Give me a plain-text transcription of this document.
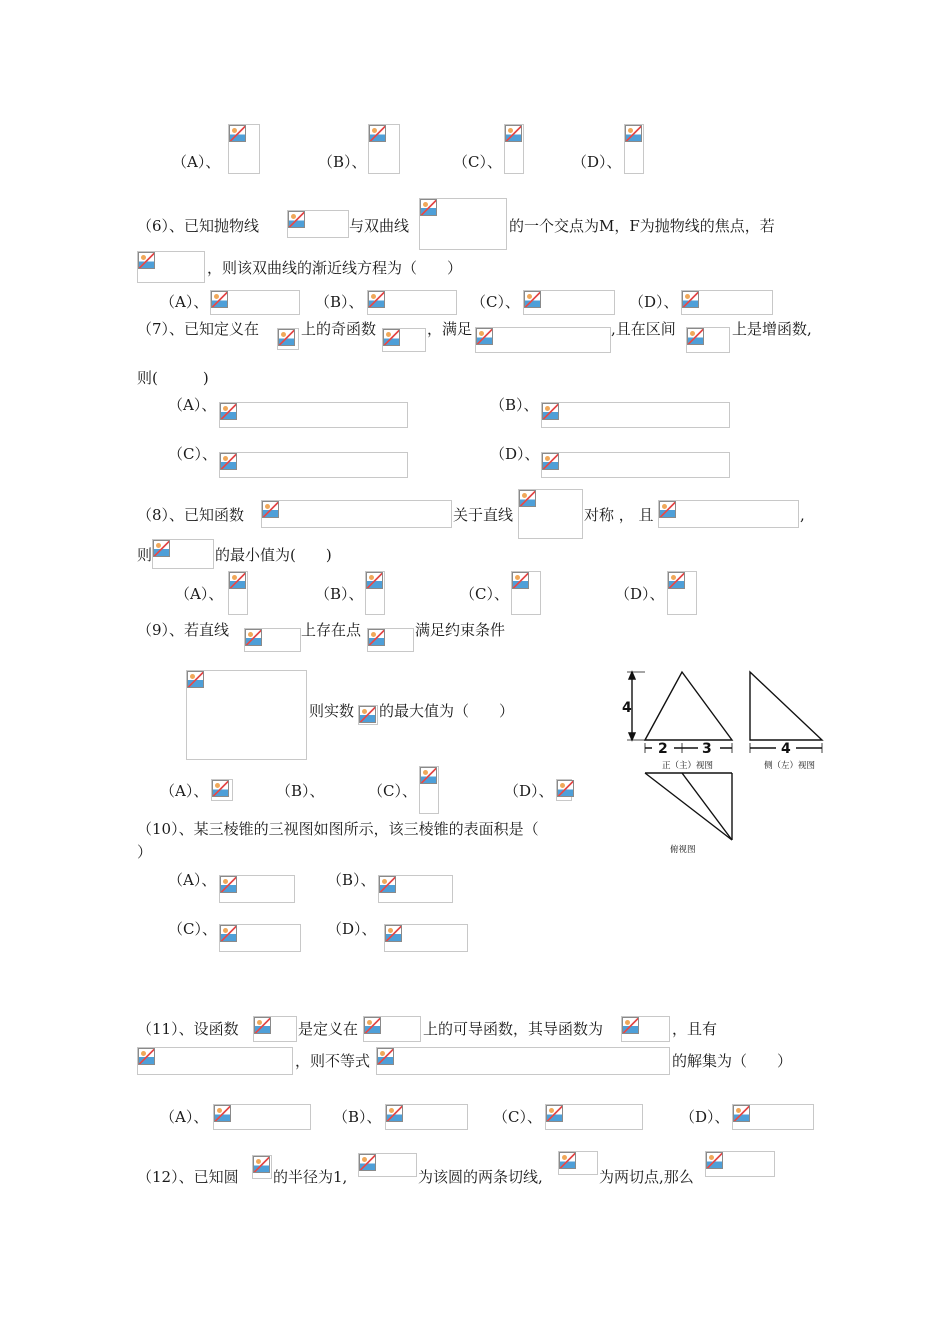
（A）、	（B）、	（C）、	（D）、
（6）、已知抛物线	与双曲线	的一个交点为M，F为抛物线的焦点，若
，则该双曲线的渐近线方程为（　　）
（A）、	（B）、	（C）、	（D）、
（7）、已知定义在	上的奇函数	，满足	,且在区间	上是增函数,
则(　　　)
（A）、	（B）、
（C）、	（D）、
（8）、已知函数	关于直线	对称 ， 且	,
则	的最小值为(　　)
（A）、	（B）、	（C）、	（D）、
（9）、若直线	上存在点	满足约束条件
则实数 的最大值为（　　）
（A）、	（B）、	（C）、	（D）、
4
2 3	4
正（主）视图	侧（左）视图
俯视图
（10）、某三棱锥的三视图如图所示，该三棱锥的表面积是（
）
（A）、	（B）、
（C）、	（D）、
（11）、设函数	是定义在	上的可导函数，其导函数为	，且有
，则不等式	的解集为（　　）
（A）、	（B）、	（C）、	（D）、
（12）、已知圆 的半径为1,	为该圆的两条切线,	为两切点,那么
